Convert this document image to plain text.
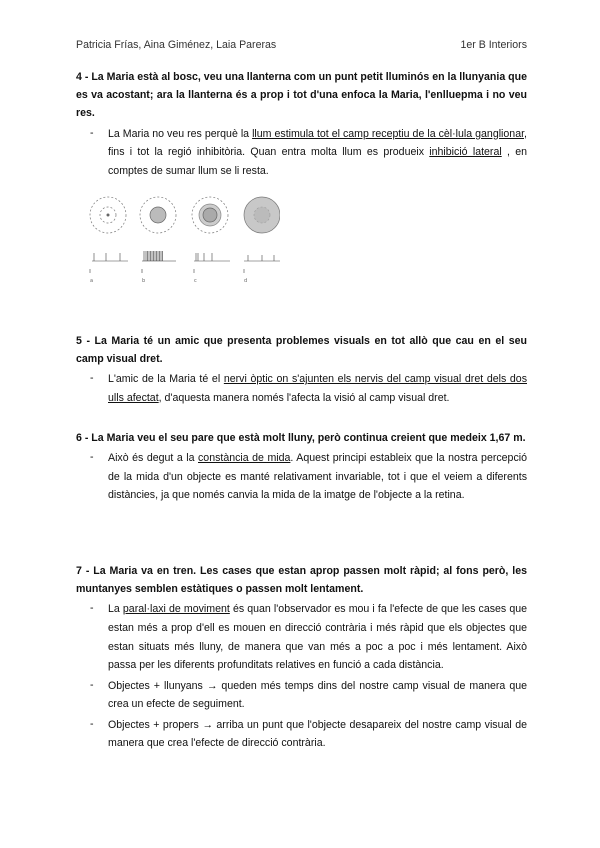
Patricia Frías, Aina Giménez, Laia Pareras	1er B Interiors

4 - La Maria està al bosc, veu una llanterna com un punt petit lluminós en la llunyania que es va acostant; ara la llanterna és a prop i tot d'una enfoca la Maria, l'enllueрma i no veu res.

-	La Maria no veu res perquè la llum estimula tot el camp receptiu de la cèl·lula ganglionar, fins i tot la regió inhibitòria. Quan entra molta llum es produeix inhibició lateral , en comptes de sumar llum se li resta.
a	b	c	d

5 - La Maria té un amic que presenta problemes visuals en tot allò que cau en el seu camp visual dret.

-	L'amic de la Maria té el nervi òptic on s'ajunten els nervis del camp visual dret dels dos ulls afectat, d'aquesta manera només l'afecta la visió al camp visual dret.

6 - La Maria veu el seu pare que està molt lluny, però continua creient que medeix 1,67 m.

-	Això és degut a la constància de mida. Aquest principi estableix que la nostra percepció de la mida d'un objecte es manté relativament invariable, tot i que el veiem a diferents distàncies, ja que només canvia la mida de la imatge de l'objecte a la retina.

7 - La Maria va en tren. Les cases que estan aprop passen molt ràpid; al fons però, les muntanyes semblen estàtiques o passen molt lentament.

-	La paral·laxi de moviment és quan l'observador es mou i fa l'efecte de que les cases que estan més a prop d'ell es mouen en direcció contrària i més ràpid que els objectes que estan situats més lluny, de manera que van més a poc a poc i més lentament. Això passa per les diferents profunditats relatives en funció a cada distància.
-	Objectes + llunyans → queden més temps dins del nostre camp visual de manera que crea un efecte de seguiment.
-	Objectes + propers → arriba un punt que l'objecte desapareix del nostre camp visual de manera que crea l'efecte de direcció contrària.
